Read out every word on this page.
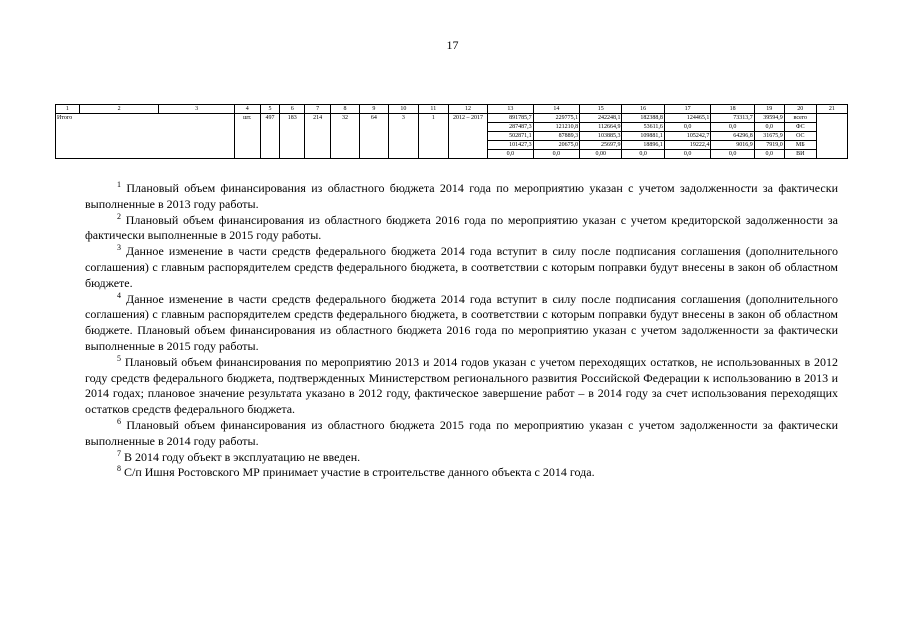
17
1	2	3	4	5	6	7	8	9	10	11	12	13	14	15	16	17	18	19	20	21
Итого			шт.	497	183	214	32	64	3	1	2012 – 2017	891785,7	229775,1	242248,1	182388,8	124465,1	73313,7	39594,9	всего	
												287487,3	121210,8	112664,9	53611,6	0,0	0,0	0,0	ФС	
												502871,1	87889,3	103885,3	109881,1	105242,7	64296,8	31675,9	ОС	
												101427,3	20675,0	25697,9	18896,1	19222,4	9016,9	7919,0	МБ	
												0,0	0,0	0,00	0,0	0,0	0,0	0,0	ВИ	

$^1$ Плановый объем финансирования из областного бюджета 2014 года по мероприятию указан с учетом задолженности за фактически выполненные в 2013 году работы.

$^2$ Плановый объем финансирования из областного бюджета 2016 года по мероприятию указан с учетом кредиторской задолженности за фактически выполненные в 2015 году работы.

$^3$ Данное изменение в части средств федерального бюджета 2014 года вступит в силу после подписания соглашения (дополнительного соглашения) с главным распорядителем средств федерального бюджета, в соответствии с которым поправки будут внесены в закон об областном бюджете.

$^4$ Данное изменение в части средств федерального бюджета 2014 года вступит в силу после подписания соглашения (дополнительного соглашения) с главным распорядителем средств федерального бюджета, в соответствии с которым поправки будут внесены в закон об областном бюджете. Плановый объем финансирования из областного бюджета 2016 года по мероприятию указан с учетом задолженности за фактически выполненные в 2015 году работы.

$^5$ Плановый объем финансирования по мероприятию 2013 и 2014 годов указан с учетом переходящих остатков, не использованных в 2012 году средств федерального бюджета, подтвержденных Министерством регионального развития Российской Федерации к использованию в 2013 и 2014 годах; плановое значение результата указано в 2012 году, фактическое завершение работ – в 2014 году за счет использования переходящих остатков средств федерального бюджета.

$^6$ Плановый объем финансирования из областного бюджета 2015 года по мероприятию указан с учетом задолженности за фактически выполненные в 2014 году работы.

$^7$ В 2014 году объект в эксплуатацию не введен.

$^8$ С/п Ишня Ростовского МР принимает участие в строительстве данного объекта с 2014 года.
